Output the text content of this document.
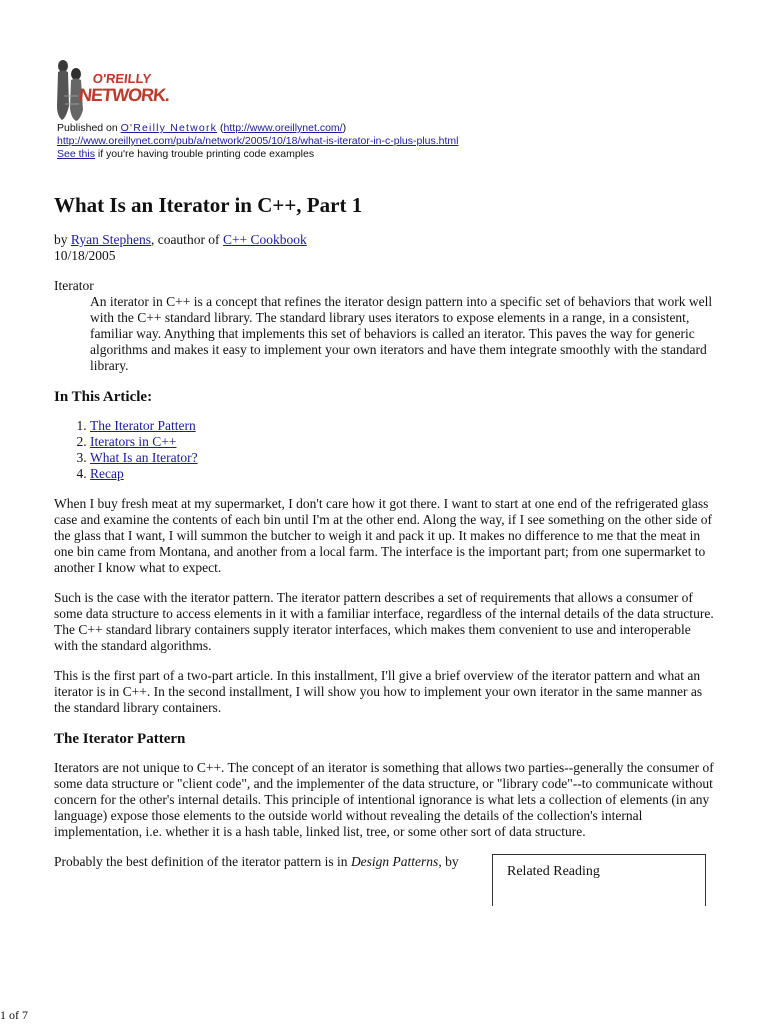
O'REILLY
NETWORK.
Published on O'Reilly Network (http://www.oreillynet.com/)
http://www.oreillynet.com/pub/a/network/2005/10/18/what-is-iterator-in-c-plus-plus.html
See this if you're having trouble printing code examples
What Is an Iterator in C++, Part 1
by Ryan Stephens, coauthor of C++ Cookbook
10/18/2005
Iterator
An iterator in C++ is a concept that refines the iterator design pattern into a specific set of behaviors that work well with the C++ standard library. The standard library uses iterators to expose elements in a range, in a consistent, familiar way. Anything that implements this set of behaviors is called an iterator. This paves the way for generic algorithms and makes it easy to implement your own iterators and have them integrate smoothly with the standard library.
In This Article:
1. The Iterator Pattern
2. Iterators in C++
3. What Is an Iterator?
4. Recap

When I buy fresh meat at my supermarket, I don't care how it got there. I want to start at one end of the refrigerated glass case and examine the contents of each bin until I'm at the other end. Along the way, if I see something on the other side of the glass that I want, I will summon the butcher to weigh it and pack it up. It makes no difference to me that the meat in one bin came from Montana, and another from a local farm. The interface is the important part; from one supermarket to another I know what to expect.

Such is the case with the iterator pattern. The iterator pattern describes a set of requirements that allows a consumer of some data structure to access elements in it with a familiar interface, regardless of the internal details of the data structure. The C++ standard library containers supply iterator interfaces, which makes them convenient to use and interoperable with the standard algorithms.

This is the first part of a two-part article. In this installment, I'll give a brief overview of the iterator pattern and what an iterator is in C++. In the second installment, I will show you how to implement your own iterator in the same manner as the standard library containers.

The Iterator Pattern

Iterators are not unique to C++. The concept of an iterator is something that allows two parties--generally the consumer of some data structure or "client code", and the implementer of the data structure, or "library code"--to communicate without concern for the other's internal details. This principle of intentional ignorance is what lets a collection of elements (in any language) expose those elements to the outside world without revealing the details of the collection's internal implementation, i.e. whether it is a hash table, linked list, tree, or some other sort of data structure.

Probably the best definition of the iterator pattern is in Design Patterns, by

Related Reading
1 of 7
